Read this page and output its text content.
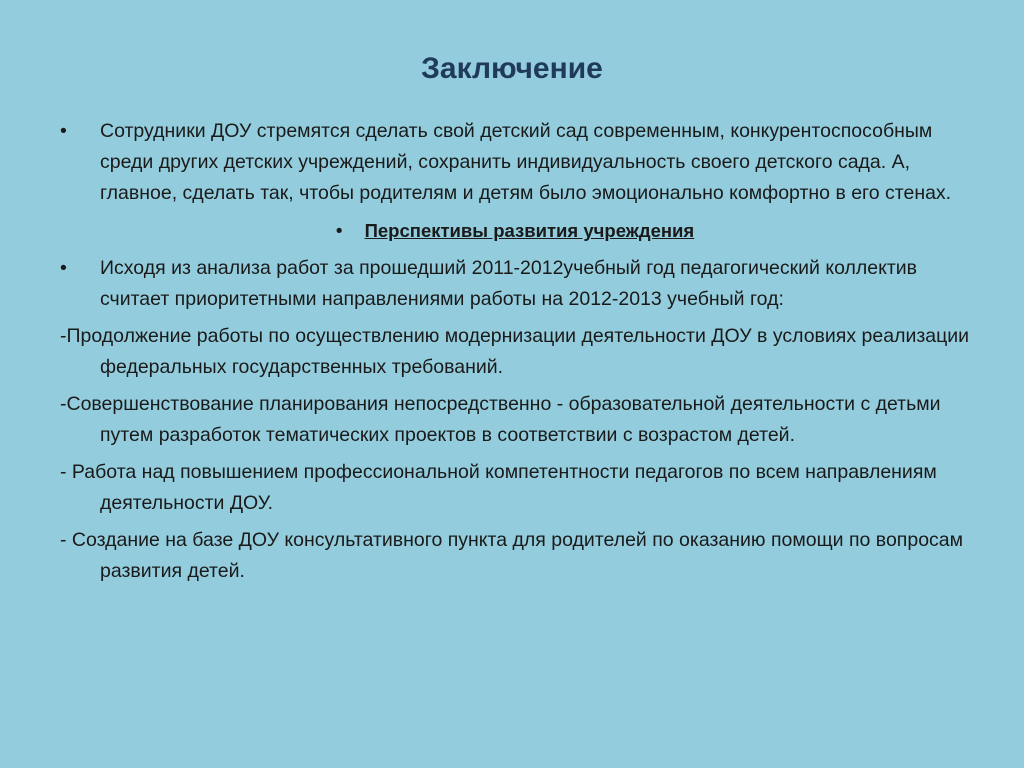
Заключение
• Сотрудники ДОУ стремятся сделать свой детский сад современным, конкурентоспособным среди других детских учреждений, сохранить индивидуальность своего детского сада. А, главное, сделать так, чтобы родителям и детям было эмоционально комфортно в его стенах.
• Перспективы развития учреждения
• Исходя из анализа работ за прошедший 2011-2012учебный год педагогический коллектив считает приоритетными направлениями работы на 2012-2013 учебный год:
-Продолжение работы по осуществлению модернизации деятельности ДОУ в условиях реализации федеральных государственных требований.
-Совершенствование планирования непосредственно - образовательной деятельности с детьми путем разработок тематических проектов в соответствии с возрастом детей.
- Работа над повышением профессиональной компетентности педагогов по всем направлениям деятельности ДОУ.
- Создание на базе ДОУ консультативного пункта для родителей по оказанию помощи по вопросам развития детей.
